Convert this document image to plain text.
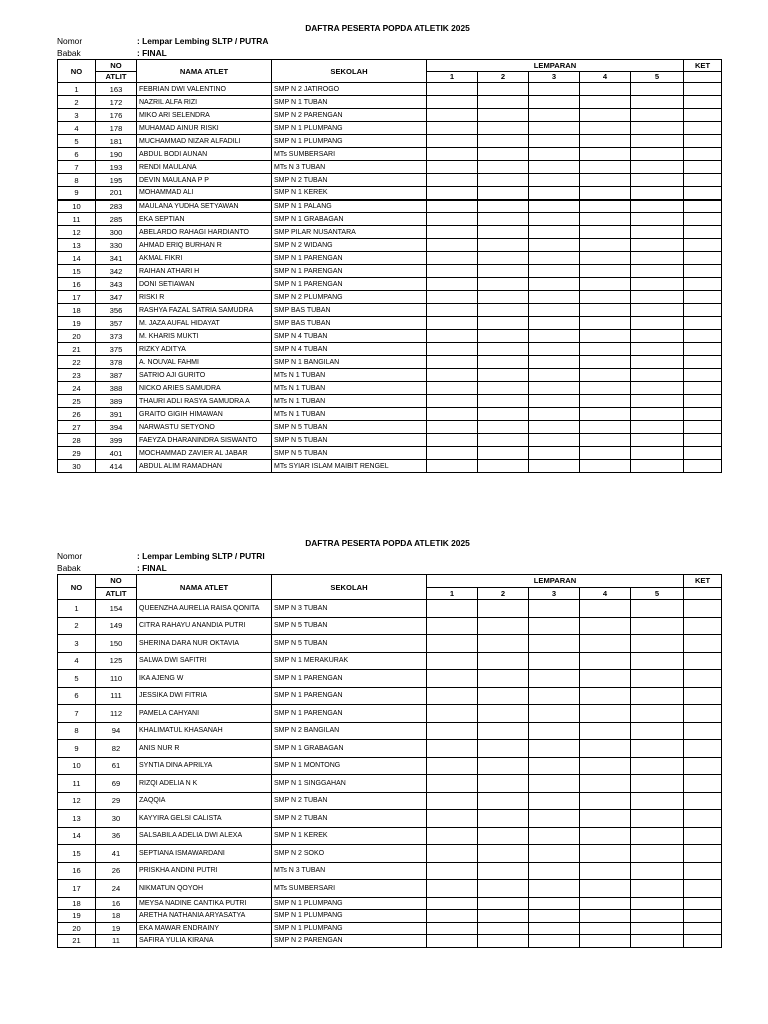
DAFTRA PESERTA POPDA ATLETIK 2025
Nomor	: Lempar Lembing SLTP / PUTRA
Babak	: FINAL
NO	NO	NAMA ATLET	SEKOLAH	LEMPARAN					KET
	ATLIT			1	2	3	4	5	
1	163	FEBRIAN DWI VALENTINO	SMP N 2 JATIROGO						
2	172	NAZRIL ALFA RIZI	SMP N 1 TUBAN						
3	176	MIKO ARI SELENDRA	SMP N 2 PARENGAN						
4	178	MUHAMAD AINUR RISKI	SMP N 1 PLUMPANG						
5	181	MUCHAMMAD NIZAR ALFADILI	SMP N 1 PLUMPANG						
6	190	ABDUL BODI AUNAN	MTs SUMBERSARI						
7	193	RENDI MAULANA	MTs N 3 TUBAN						
8	195	DEVIN MAULANA P P	SMP N 2 TUBAN						
9	201	MOHAMMAD ALI	SMP N 1 KEREK						
10	283	MAULANA YUDHA SETYAWAN	SMP N 1 PALANG						
11	285	EKA SEPTIAN	SMP N 1 GRABAGAN						
12	300	ABELARDO RAHAGI HARDIANTO	SMP PILAR NUSANTARA						
13	330	AHMAD ERIQ BURHAN R	SMP N 2 WIDANG						
14	341	AKMAL FIKRI	SMP N 1 PARENGAN						
15	342	RAIHAN ATHARI H	SMP N 1 PARENGAN						
16	343	DONI SETIAWAN	SMP N 1 PARENGAN						
17	347	RISKI R	SMP N 2 PLUMPANG						
18	356	RASHYA FAZAL SATRIA SAMUDRA	SMP BAS TUBAN						
19	357	M. JAZA AUFAL HIDAYAT	SMP BAS TUBAN						
20	373	M. KHARIS MUKTI	SMP N 4 TUBAN						
21	375	RIZKY ADITYA	SMP N 4 TUBAN						
22	378	A. NOUVAL FAHMI	SMP N 1 BANGILAN						
23	387	SATRIO AJI GURITO	MTs N 1 TUBAN						
24	388	NICKO ARIES SAMUDRA	MTs N 1 TUBAN						
25	389	THAURI ADLI RASYA SAMUDRA A	MTs N 1 TUBAN						
26	391	GRAITO GIGIH HIMAWAN	MTs N 1 TUBAN						
27	394	NARWASTU SETYONO	SMP N 5 TUBAN						
28	399	FAEYZA DHARANINDRA SISWANTO	SMP N 5 TUBAN						
29	401	MOCHAMMAD ZAVIER AL JABAR	SMP N 5 TUBAN						
30	414	ABDUL ALIM RAMADHAN	MTs SYIAR ISLAM MAIBIT RENGEL						
DAFTRA PESERTA POPDA ATLETIK 2025
Nomor	: Lempar Lembing SLTP / PUTRI
Babak	: FINAL
NO	NO	NAMA ATLET	SEKOLAH	LEMPARAN					KET
	ATLIT			1	2	3	4	5	
1	154	QUEENZHA AURELIA RAISA QONITA	SMP N 3 TUBAN						
2	149	CITRA RAHAYU ANANDIA PUTRI	SMP N 5 TUBAN						
3	150	SHERINA DARA NUR OKTAVIA	SMP N 5 TUBAN						
4	125	SALWA DWI SAFITRI	SMP N 1 MERAKURAK						
5	110	IKA AJENG W	SMP N 1 PARENGAN						
6	111	JESSIKA DWI FITRIA	SMP N 1 PARENGAN						
7	112	PAMELA CAHYANI	SMP N 1 PARENGAN						
8	94	KHALIMATUL KHASANAH	SMP N 2 BANGILAN						
9	82	ANIS NUR R	SMP N 1 GRABAGAN						
10	61	SYNTIA DINA APRILYA	SMP N 1 MONTONG						
11	69	RIZQI ADELIA N K	SMP N 1 SINGGAHAN						
12	29	ZAQQIA	SMP N 2 TUBAN						
13	30	KAYYIRA GELSI CALISTA	SMP N 2 TUBAN						
14	36	SALSABILA ADELIA DWI ALEXA	SMP N 1 KEREK						
15	41	SEPTIANA ISMAWARDANI	SMP N 2 SOKO						
16	26	PRISKHA ANDINI PUTRI	MTs N 3 TUBAN						
17	24	NIKMATUN QOYOH	MTs SUMBERSARI						
18	16	MEYSA NADINE CANTIKA PUTRI	SMP N 1 PLUMPANG						
19	18	ARETHA NATHANIA ARYASATYA	SMP N 1 PLUMPANG						
20	19	EKA MAWAR ENDRAINY	SMP N 1 PLUMPANG						
21	11	SAFIRA YULIA KIRANA	SMP N 2 PARENGAN						
